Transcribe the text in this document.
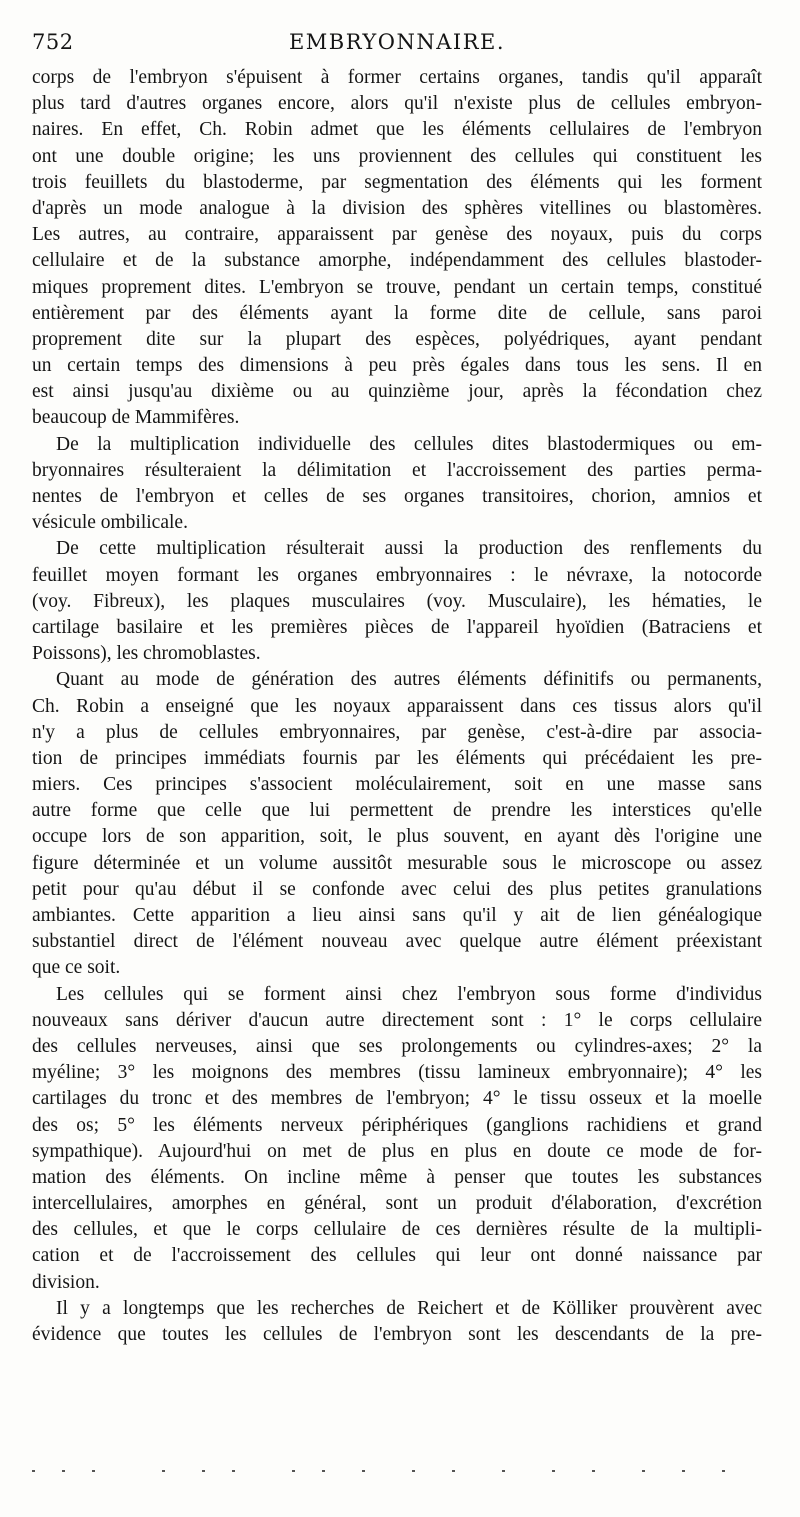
752	EMBRYONNAIRE.
corps de l'embryon s'épuisent à former certains organes, tandis qu'il apparaît
plus tard d'autres organes encore, alors qu'il n'existe plus de cellules embryon-
naires. En effet, Ch. Robin admet que les éléments cellulaires de l'embryon
ont une double origine; les uns proviennent des cellules qui constituent les
trois feuillets du blastoderme, par segmentation des éléments qui les forment
d'après un mode analogue à la division des sphères vitellines ou blastomères.
Les autres, au contraire, apparaissent par genèse des noyaux, puis du corps
cellulaire et de la substance amorphe, indépendamment des cellules blastoder-
miques proprement dites. L'embryon se trouve, pendant un certain temps, constitué
entièrement par des éléments ayant la forme dite de cellule, sans paroi
proprement dite sur la plupart des espèces, polyédriques, ayant pendant
un certain temps des dimensions à peu près égales dans tous les sens. Il en
est ainsi jusqu'au dixième ou au quinzième jour, après la fécondation chez
beaucoup de Mammifères.
De la multiplication individuelle des cellules dites blastodermiques ou em-
bryonnaires résulteraient la délimitation et l'accroissement des parties perma-
nentes de l'embryon et celles de ses organes transitoires, chorion, amnios et
vésicule ombilicale.
De cette multiplication résulterait aussi la production des renflements du
feuillet moyen formant les organes embryonnaires : le névraxe, la notocorde
(voy. Fibreux), les plaques musculaires (voy. Musculaire), les hématies, le
cartilage basilaire et les premières pièces de l'appareil hyoïdien (Batraciens et
Poissons), les chromoblastes.
Quant au mode de génération des autres éléments définitifs ou permanents,
Ch. Robin a enseigné que les noyaux apparaissent dans ces tissus alors qu'il
n'y a plus de cellules embryonnaires, par genèse, c'est-à-dire par associa-
tion de principes immédiats fournis par les éléments qui précédaient les pre-
miers. Ces principes s'associent moléculairement, soit en une masse sans
autre forme que celle que lui permettent de prendre les interstices qu'elle
occupe lors de son apparition, soit, le plus souvent, en ayant dès l'origine une
figure déterminée et un volume aussitôt mesurable sous le microscope ou assez
petit pour qu'au début il se confonde avec celui des plus petites granulations
ambiantes. Cette apparition a lieu ainsi sans qu'il y ait de lien généalogique
substantiel direct de l'élément nouveau avec quelque autre élément préexistant
que ce soit.
Les cellules qui se forment ainsi chez l'embryon sous forme d'individus
nouveaux sans dériver d'aucun autre directement sont : 1° le corps cellulaire
des cellules nerveuses, ainsi que ses prolongements ou cylindres-axes; 2° la
myéline; 3° les moignons des membres (tissu lamineux embryonnaire); 4° les
cartilages du tronc et des membres de l'embryon; 4° le tissu osseux et la moelle
des os; 5° les éléments nerveux périphériques (ganglions rachidiens et grand
sympathique). Aujourd'hui on met de plus en plus en doute ce mode de for-
mation des éléments. On incline même à penser que toutes les substances
intercellulaires, amorphes en général, sont un produit d'élaboration, d'excrétion
des cellules, et que le corps cellulaire de ces dernières résulte de la multipli-
cation et de l'accroissement des cellules qui leur ont donné naissance par
division.
Il y a longtemps que les recherches de Reichert et de Kölliker prouvèrent avec
évidence que toutes les cellules de l'embryon sont les descendants de la pre-
